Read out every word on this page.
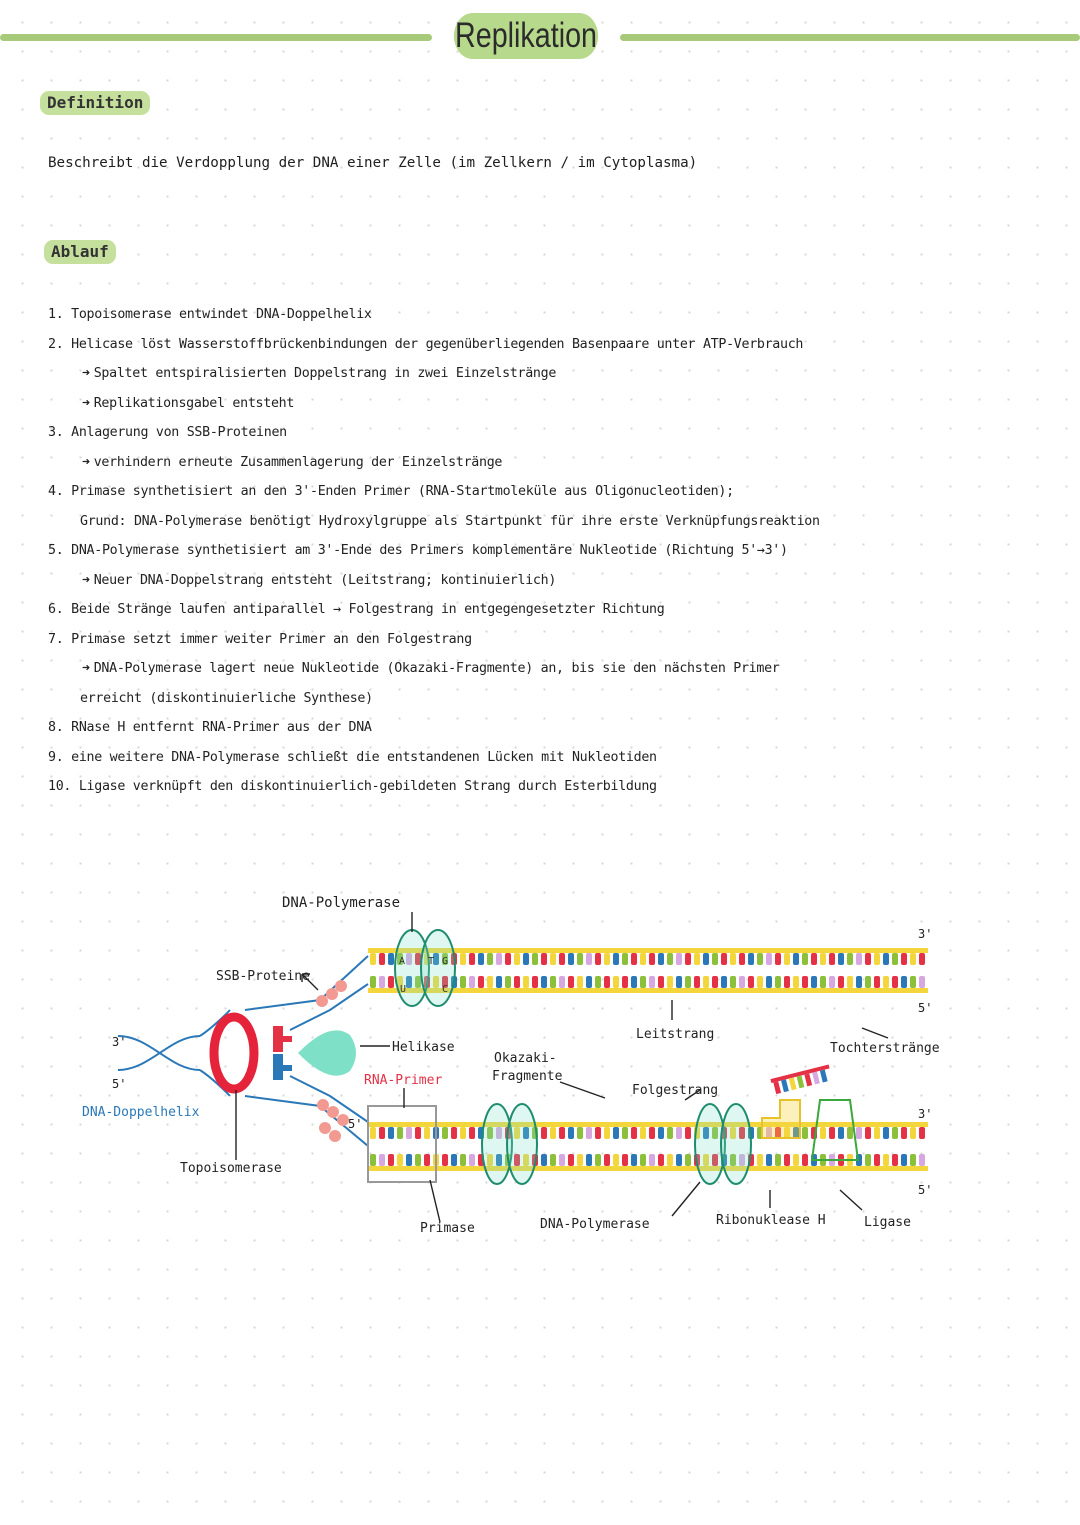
Replikation
Definition
Beschreibt die Verdopplung der DNA einer Zelle (im Zellkern / im Cytoplasma)
Ablauf
1. Topoisomerase entwindet DNA-Doppelhelix
2. Helicase löst Wasserstoffbrückenbindungen der gegenüberliegenden Basenpaare unter ATP-Verbrauch
➜ Spaltet entspiralisierten Doppelstrang in zwei Einzelstränge
➜ Replikationsgabel entsteht
3. Anlagerung von SSB-Proteinen
➜ verhindern erneute Zusammenlagerung der Einzelstränge
4. Primase synthetisiert an den 3'-Enden Primer (RNA-Startmoleküle aus Oligonucleotiden);
Grund: DNA-Polymerase benötigt Hydroxylgruppe als Startpunkt für ihre erste Verknüpfungsreaktion
5. DNA-Polymerase synthetisiert am 3'-Ende des Primers komplementäre Nukleotide (Richtung 5'→3')
➜ Neuer DNA-Doppelstrang entsteht (Leitstrang; kontinuierlich)
6. Beide Stränge laufen antiparallel → Folgestrang in entgegengesetzter Richtung
7. Primase setzt immer weiter Primer an den Folgestrang
➜ DNA-Polymerase lagert neue Nukleotide (Okazaki-Fragmente) an, bis sie den nächsten Primer
erreicht (diskontinuierliche Synthese)
8. RNase H entfernt RNA-Primer aus der DNA
9. eine weitere DNA-Polymerase schließt die entstandenen Lücken mit Nukleotiden
10. Ligase verknüpft den diskontinuierlich-gebildeten Strang durch Esterbildung
A T G
U	C
DNA-Polymerase
SSB-Proteine
3'
5'
DNA-Doppelhelix
Topoisomerase
Helikase
RNA-Primer
5'
Okazaki-
Fragmente
Leitstrang
Folgestrang
Tochterstränge
3'
5'
3'
5'
Primase	DNA-Polymerase	Ribonuklease H	Ligase
